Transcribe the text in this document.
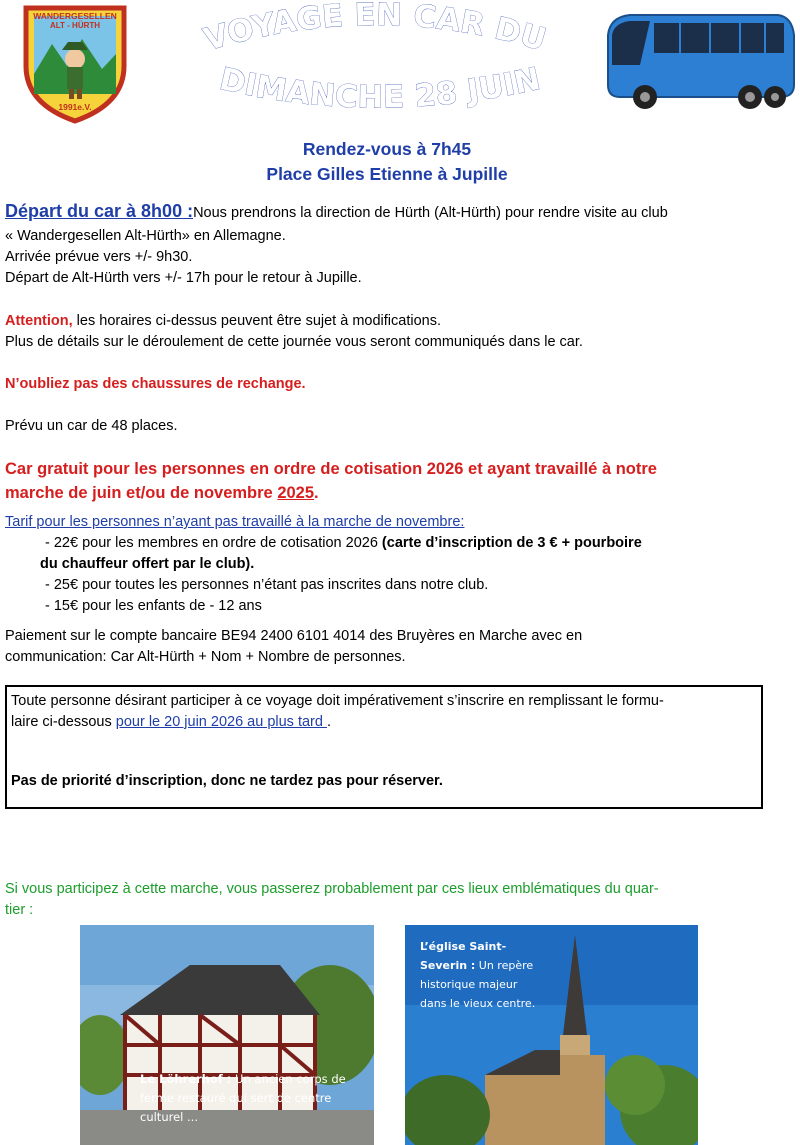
WANDERGESELLEN
ALT - HÜRTH
1991e.V.
VOYAGE EN CAR DU
DIMANCHE 28 JUIN
Rendez-vous à 7h45
Place Gilles Etienne à Jupille
Départ du car à 8h00 :Nous prendrons la direction de Hürth (Alt-Hürth) pour rendre visite au club
« Wandergesellen Alt-Hürth» en Allemagne.
Arrivée prévue vers +/- 9h30.
Départ de Alt-Hürth vers +/- 17h pour le retour à Jupille.
Attention, les horaires ci-dessus peuvent être sujet à modifications.
Plus de détails sur le déroulement de cette journée vous seront communiqués dans le car.
N’oubliez pas des chaussures de rechange.
Prévu un car de 48 places.
Car gratuit pour les personnes en ordre de cotisation 2026 et ayant travaillé à notre
marche de juin et/ou de novembre 2025.
Tarif pour les personnes n’ayant pas travaillé à la marche de novembre:
- 22€ pour les membres en ordre de cotisation 2026 (carte d’inscription de 3 € + pourboire
du chauffeur offert par le club).
- 25€ pour toutes les personnes n’étant pas inscrites dans notre club.
- 15€ pour les enfants de - 12 ans
Paiement sur le compte bancaire BE94 2400 6101 4014 des Bruyères en Marche avec en
communication: Car Alt-Hürth + Nom + Nombre de personnes.
Toute personne désirant participer à ce voyage doit impérativement s’inscrire en remplissant le formu-
laire ci-dessous pour le 20 juin 2026 au plus tard .
Pas de priorité d’inscription, donc ne tardez pas pour réserver.
Si vous participez à cette marche, vous passerez probablement par ces lieux emblématiques du quar-
tier :
Le Löhrerhof : Un ancien corps de
ferme restauré qui sert de centre
culturel ...
L’église Saint-
Severin : Un repère
historique majeur
dans le vieux centre.
